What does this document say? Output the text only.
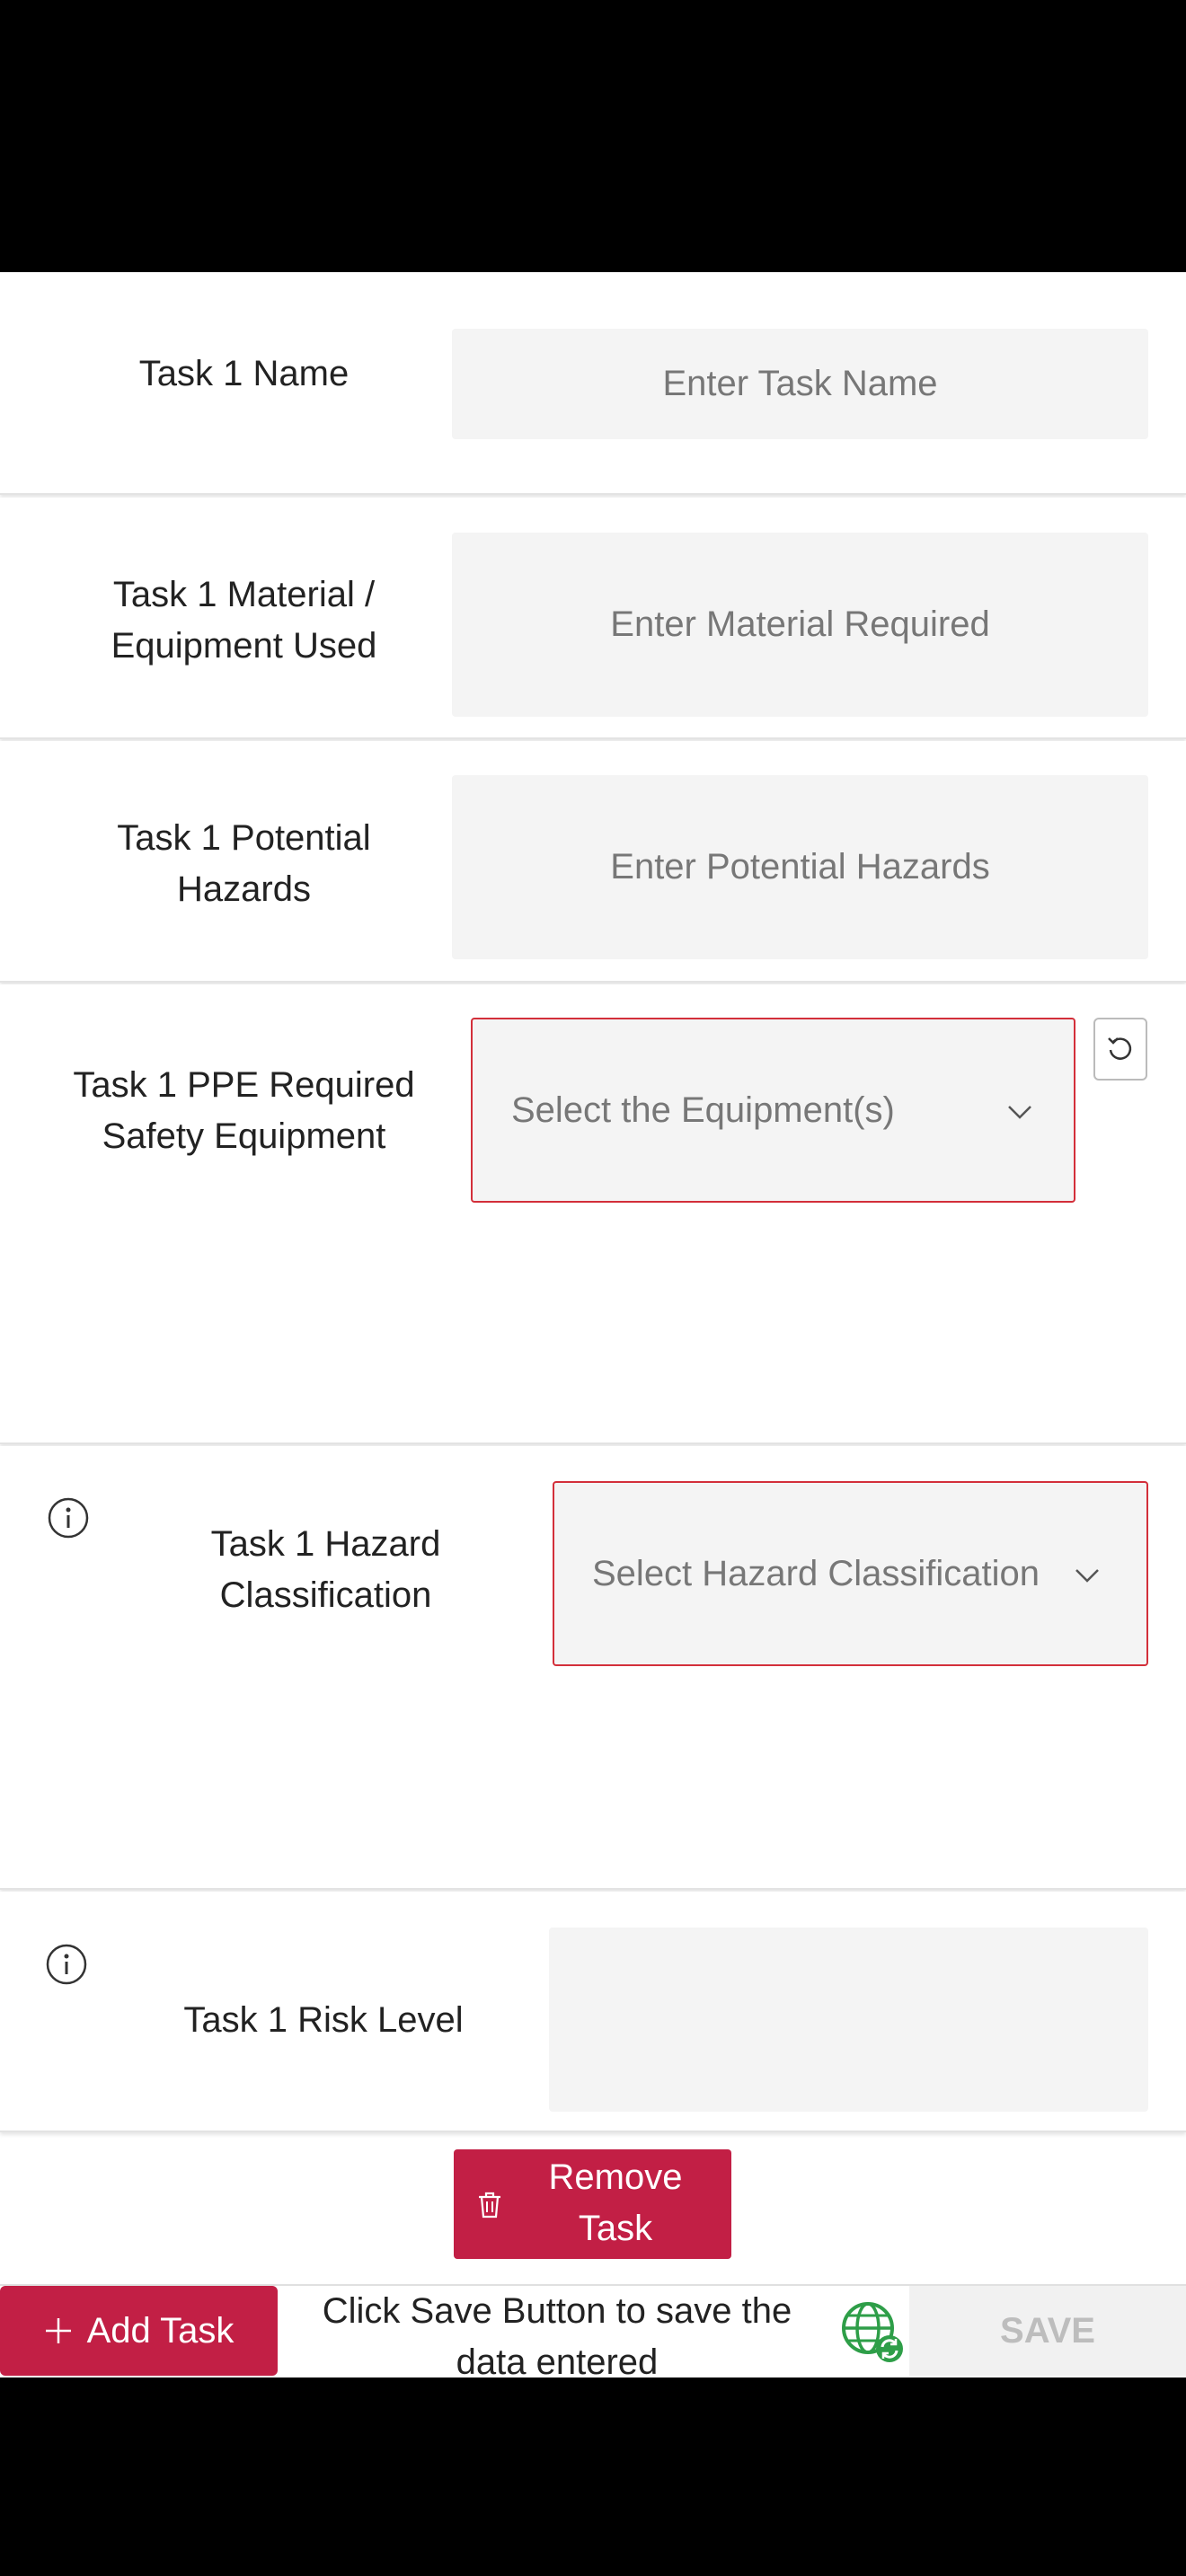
Task 1 Name	Enter Task Name
Task 1 Material /
Equipment Used
Enter Material Required
Task 1 Potential
Hazards
Enter Potential Hazards
Task 1 PPE Required
Safety Equipment
Select the Equipment(s)
Task 1 Hazard
Classification
Select Hazard Classification
Task 1 Risk Level
Remove
Task
Add Task	Click Save Button to save the
data entered
SAVE
